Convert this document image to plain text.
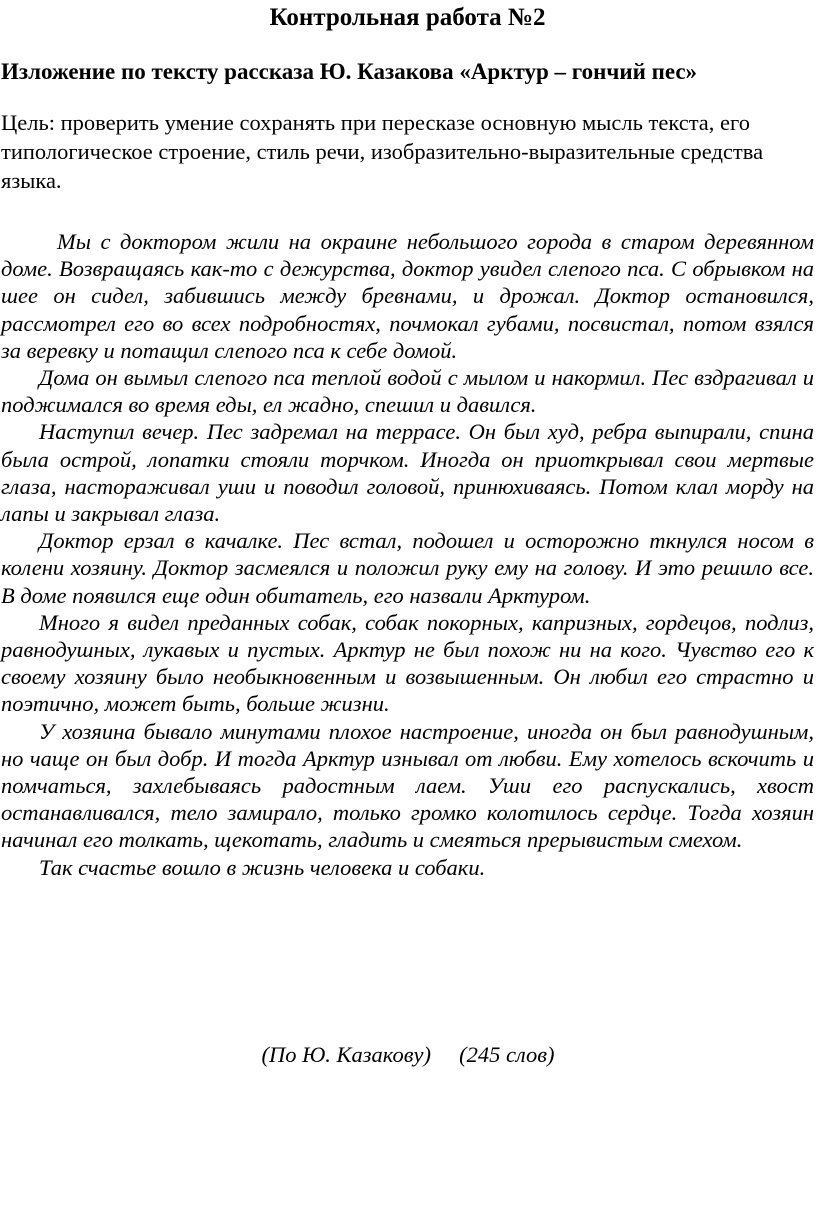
Контрольная работа №2
Изложение по тексту рассказа Ю. Казакова «Арктур – гончий пес»
Цель: проверить умение сохранять при пересказе основную мысль текста, его типологическое строение, стиль речи, изобразительно-выразительные средства языка.

Мы с доктором жили на окраине небольшого города в старом деревянном доме. Возвращаясь как-то с дежурства, доктор увидел слепого пса. С обрывком на шее он сидел, забившись между бревнами, и дрожал. Доктор остановился, рассмотрел его во всех подробностях, почмокал губами, посвистал, потом взялся за веревку и потащил слепого пса к себе домой.

Дома он вымыл слепого пса теплой водой с мылом и накормил. Пес вздрагивал и поджимался во время еды, ел жадно, спешил и давился.

Наступил вечер. Пес задремал на террасе. Он был худ, ребра выпирали, спина была острой, лопатки стояли торчком. Иногда он приоткрывал свои мертвые глаза, настораживал уши и поводил головой, принюхиваясь. Потом клал морду на лапы и закрывал глаза.

Доктор ерзал в качалке. Пес встал, подошел и осторожно ткнулся носом в колени хозяину. Доктор засмеялся и положил руку ему на голову. И это решило все. В доме появился еще один обитатель, его назвали Арктуром.

Много я видел преданных собак, собак покорных, капризных, гордецов, подлиз, равнодушных, лукавых и пустых. Арктур не был похож ни на кого. Чувство его к своему хозяину было необыкновенным и возвышенным. Он любил его страстно и поэтично, может быть, больше жизни.

У хозяина бывало минутами плохое настроение, иногда он был равнодушным, но чаще он был добр. И тогда Арктур изнывал от любви. Ему хотелось вскочить и помчаться, захлебываясь радостным лаем. Уши его распускались, хвост останавливался, тело замирало, только громко колотилось сердце. Тогда хозяин начинал его толкать, щекотать, гладить и смеяться прерывистым смехом.

Так счастье вошло в жизнь человека и собаки.

(По Ю. Казакову) (245 слов)
